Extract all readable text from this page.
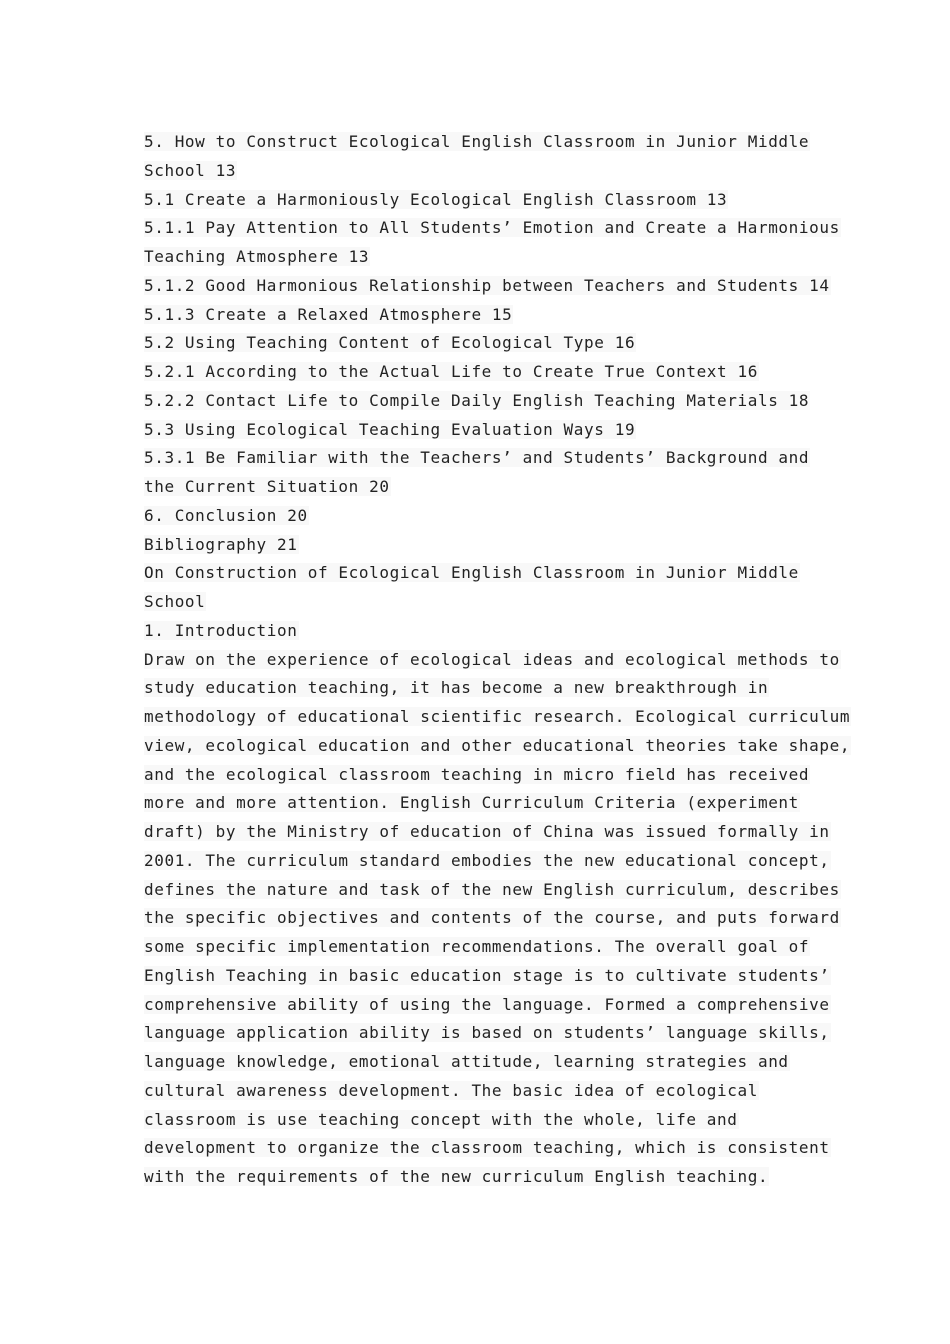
5. How to Construct Ecological English Classroom in Junior Middle
School 13
5.1 Create a Harmoniously Ecological English Classroom 13
5.1.1 Pay Attention to All Students’ Emotion and Create a Harmonious
Teaching Atmosphere 13
5.1.2 Good Harmonious Relationship between Teachers and Students 14
5.1.3 Create a Relaxed Atmosphere 15
5.2 Using Teaching Content of Ecological Type 16
5.2.1 According to the Actual Life to Create True Context 16
5.2.2 Contact Life to Compile Daily English Teaching Materials 18
5.3 Using Ecological Teaching Evaluation Ways 19
5.3.1 Be Familiar with the Teachers’ and Students’ Background and
the Current Situation 20
6. Conclusion 20
Bibliography 21
On Construction of Ecological English Classroom in Junior Middle
School
1. Introduction
Draw on the experience of ecological ideas and ecological methods to
study education teaching, it has become a new breakthrough in
methodology of educational scientific research. Ecological curriculum
view, ecological education and other educational theories take shape,
and the ecological classroom teaching in micro field has received
more and more attention. English Curriculum Criteria (experiment
draft) by the Ministry of education of China was issued formally in
2001. The curriculum standard embodies the new educational concept,
defines the nature and task of the new English curriculum, describes
the specific objectives and contents of the course, and puts forward
some specific implementation recommendations. The overall goal of
English Teaching in basic education stage is to cultivate students’
comprehensive ability of using the language. Formed a comprehensive
language application ability is based on students’ language skills,
language knowledge, emotional attitude, learning strategies and
cultural awareness development. The basic idea of ecological
classroom is use teaching concept with the whole, life and
development to organize the classroom teaching, which is consistent
with the requirements of the new curriculum English teaching.
